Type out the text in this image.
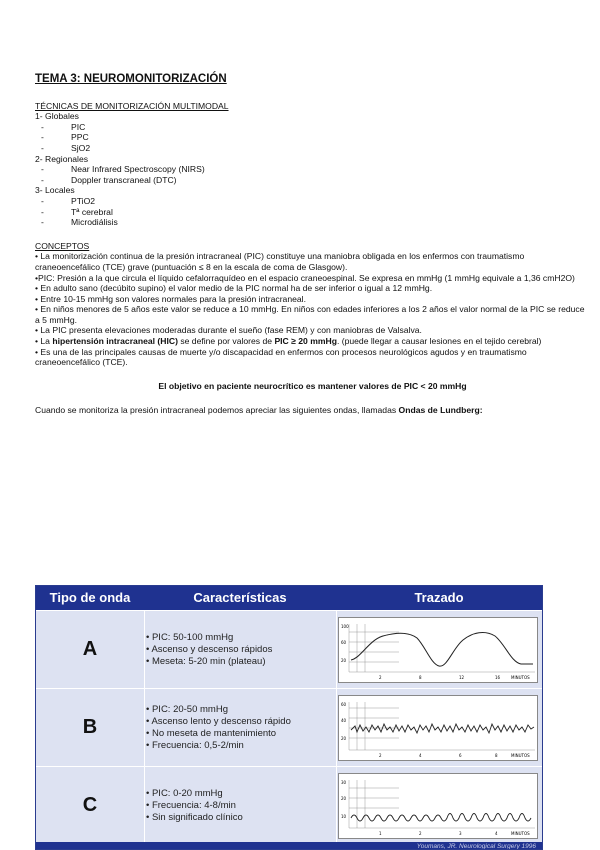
TEMA 3: NEUROMONITORIZACIÓN
TÉCNICAS DE MONITORIZACIÓN MULTIMODAL
1- Globales
-	PIC
-	PPC
-	SjO2
2- Regionales
-	Near Infrared Spectroscopy (NIRS)
-	Doppler transcraneal (DTC)
3- Locales
-	PTiO2
-	Tª cerebral
-	Microdiálisis
CONCEPTOS

• La monitorización continua de la presión intracraneal (PIC) constituye una maniobra obligada en los enfermos con traumatismo craneoencefálico (TCE) grave (puntuación ≤ 8 en la escala de coma de Glasgow).

•PIC: Presión a la que circula el líquido cefalorraquídeo en el espacio craneoespinal. Se expresa en mmHg (1 mmHg equivale a 1,36 cmH2O)

• En adulto sano (decúbito supino) el valor medio de la PIC normal ha de ser inferior o igual a 12 mmHg.

• Entre 10-15 mmHg son valores normales para la presión intracraneal.

• En niños menores de 5 años este valor se reduce a 10 mmHg. En niños con edades inferiores a los 2 años el valor normal de la PIC se reduce a 5 mmHg.

• La PIC presenta elevaciones moderadas durante el sueño (fase REM) y con maniobras de Valsalva.

• La hipertensión intracraneal (HIC) se define por valores de PIC ≥ 20 mmHg. (puede llegar a causar lesiones en el tejido cerebral)

• Es una de las principales causas de muerte y/o discapacidad en enfermos con procesos neurológicos agudos y en traumatismo craneoencefálico (TCE).

El objetivo en paciente neurocrítico es mantener valores de PIC < 20 mmHg

Cuando se monitoriza la presión intracraneal podemos apreciar las siguientes ondas, llamadas Ondas de Lundberg:

Tipo de onda	Características	Trazado
A
• PIC: 50-100 mmHg
• Ascenso y descenso rápidos
• Meseta: 5-20 min (plateau)
100
60
20
2	8	12	16	MINUTOS
B
• PIC: 20-50 mmHg
• Ascenso lento y descenso rápido
• No meseta de mantenimiento
• Frecuencia: 0,5-2/min
60
40
20
2	4	6	8	MINUTOS
C
• PIC: 0-20 mmHg
• Frecuencia: 4-8/min
• Sin significado clínico
30
20
10
1	2	3	4	MINUTOS
Youmans, JR. Neurological Surgery 1996
